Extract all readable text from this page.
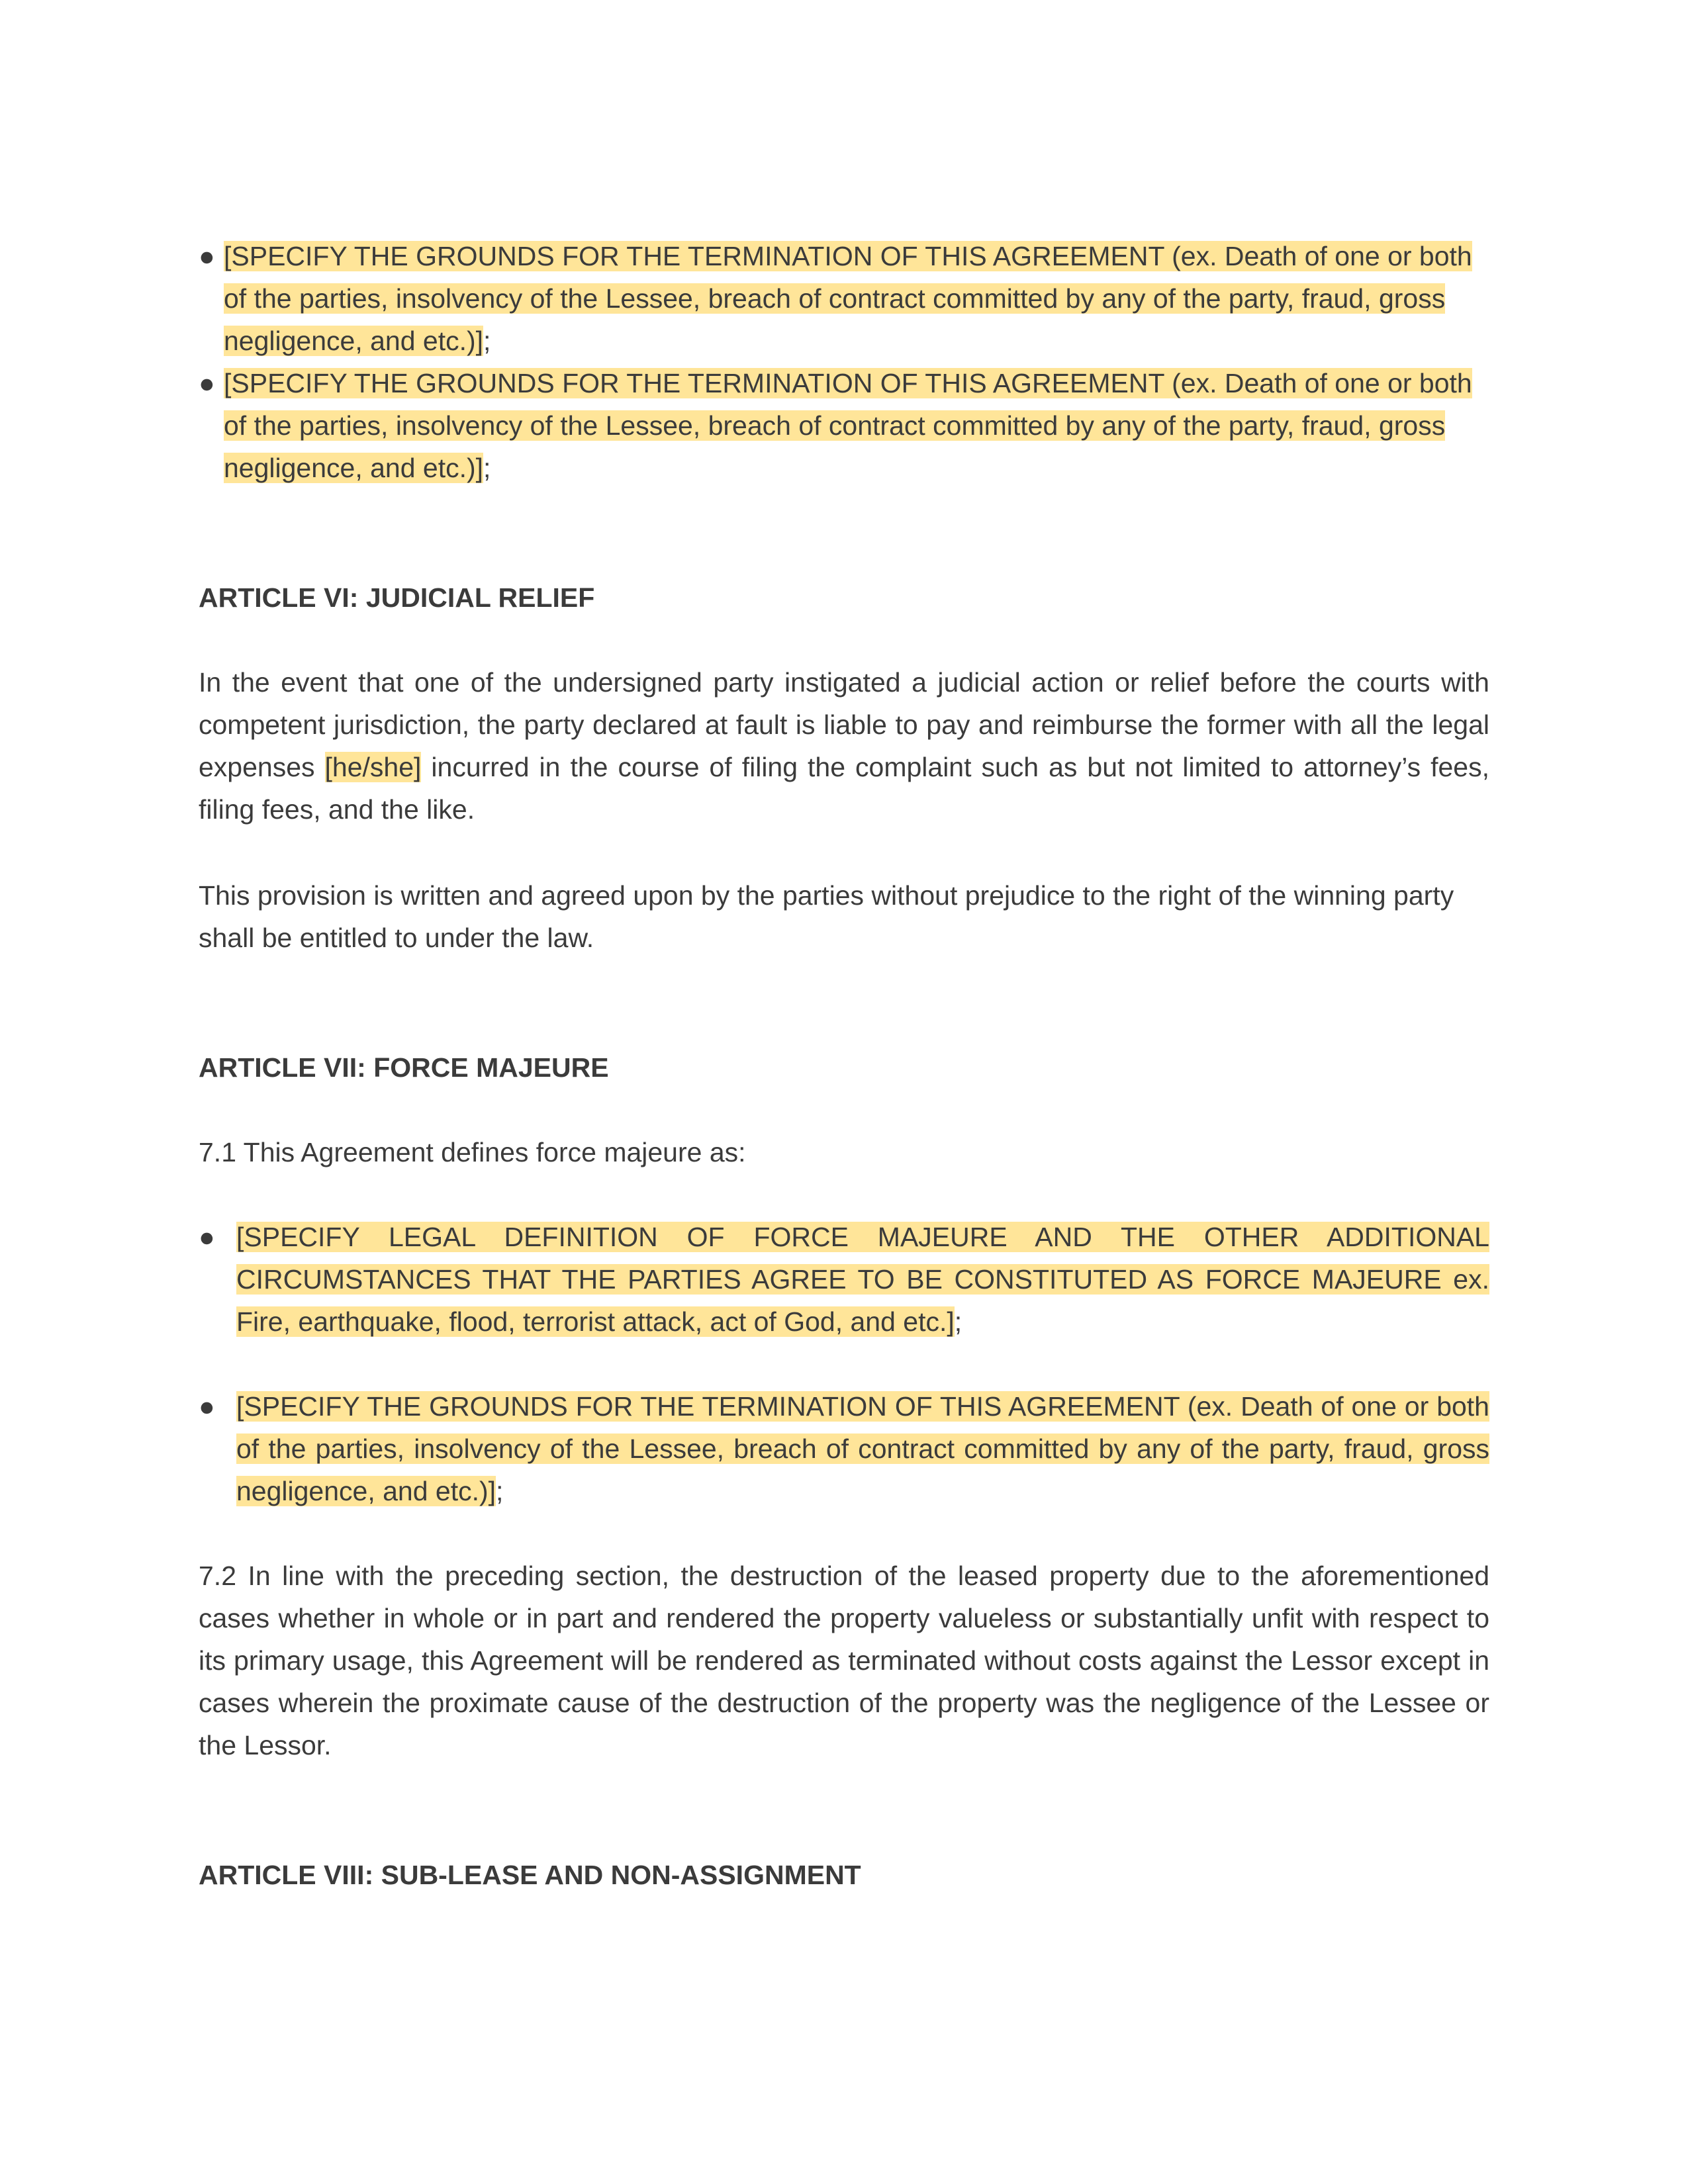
● [SPECIFY THE GROUNDS FOR THE TERMINATION OF THIS AGREEMENT (ex. Death of one or both of the parties, insolvency of the Lessee, breach of contract committed by any of the party, fraud, gross negligence, and etc.)];

● [SPECIFY THE GROUNDS FOR THE TERMINATION OF THIS AGREEMENT (ex. Death of one or both of the parties, insolvency of the Lessee, breach of contract committed by any of the party, fraud, gross negligence, and etc.)];

ARTICLE VI: JUDICIAL RELIEF

In the event that one of the undersigned party instigated a judicial action or relief before the courts with competent jurisdiction, the party declared at fault is liable to pay and reimburse the former with all the legal expenses [he/she] incurred in the course of filing the complaint such as but not limited to attorney’s fees, filing fees, and the like.

This provision is written and agreed upon by the parties without prejudice to the right of the winning party shall be entitled to under the law.

ARTICLE VII: FORCE MAJEURE

7.1 This Agreement defines force majeure as:

● [SPECIFY LEGAL DEFINITION OF FORCE MAJEURE AND THE OTHER ADDITIONAL CIRCUMSTANCES THAT THE PARTIES AGREE TO BE CONSTITUTED AS FORCE MAJEURE ex. Fire, earthquake, flood, terrorist attack, act of God, and etc.];

● [SPECIFY THE GROUNDS FOR THE TERMINATION OF THIS AGREEMENT (ex. Death of one or both of the parties, insolvency of the Lessee, breach of contract committed by any of the party, fraud, gross negligence, and etc.)];

7.2 In line with the preceding section, the destruction of the leased property due to the aforementioned cases whether in whole or in part and rendered the property valueless or substantially unfit with respect to its primary usage, this Agreement will be rendered as terminated without costs against the Lessor except in cases wherein the proximate cause of the destruction of the property was the negligence of the Lessee or the Lessor.

ARTICLE VIII: SUB-LEASE AND NON-ASSIGNMENT
